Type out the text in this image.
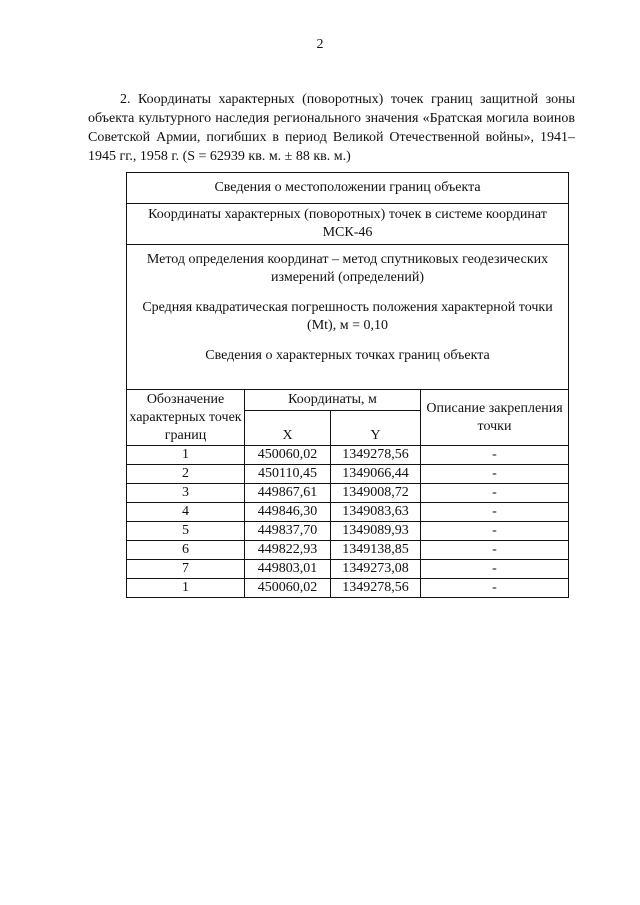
2
2. Координаты характерных (поворотных) точек границ защитной зоны объекта культурного наследия регионального значения «Братская могила воинов Советской Армии, погибших в период Великой Отечественной войны», 1941–1945 гг., 1958 г. (S = 62939 кв. м. ± 88 кв. м.)
Сведения о местоположении границ объекта			
Координаты характерных (поворотных) точек в системе координат МСК-46			

Метод определения координат – метод спутниковых геодезических измерений (определений)
Средняя квадратическая погрешность положения характерной точки (Mt), м = 0,10
Сведения о характерных точках границ объекта			

Обозначение характерных точек границ	Координаты, м		Описание закрепления точки
	X	Y	
1	450060,02	1349278,56	-
2	450110,45	1349066,44	-
3	449867,61	1349008,72	-
4	449846,30	1349083,63	-
5	449837,70	1349089,93	-
6	449822,93	1349138,85	-
7	449803,01	1349273,08	-
1	450060,02	1349278,56	-
